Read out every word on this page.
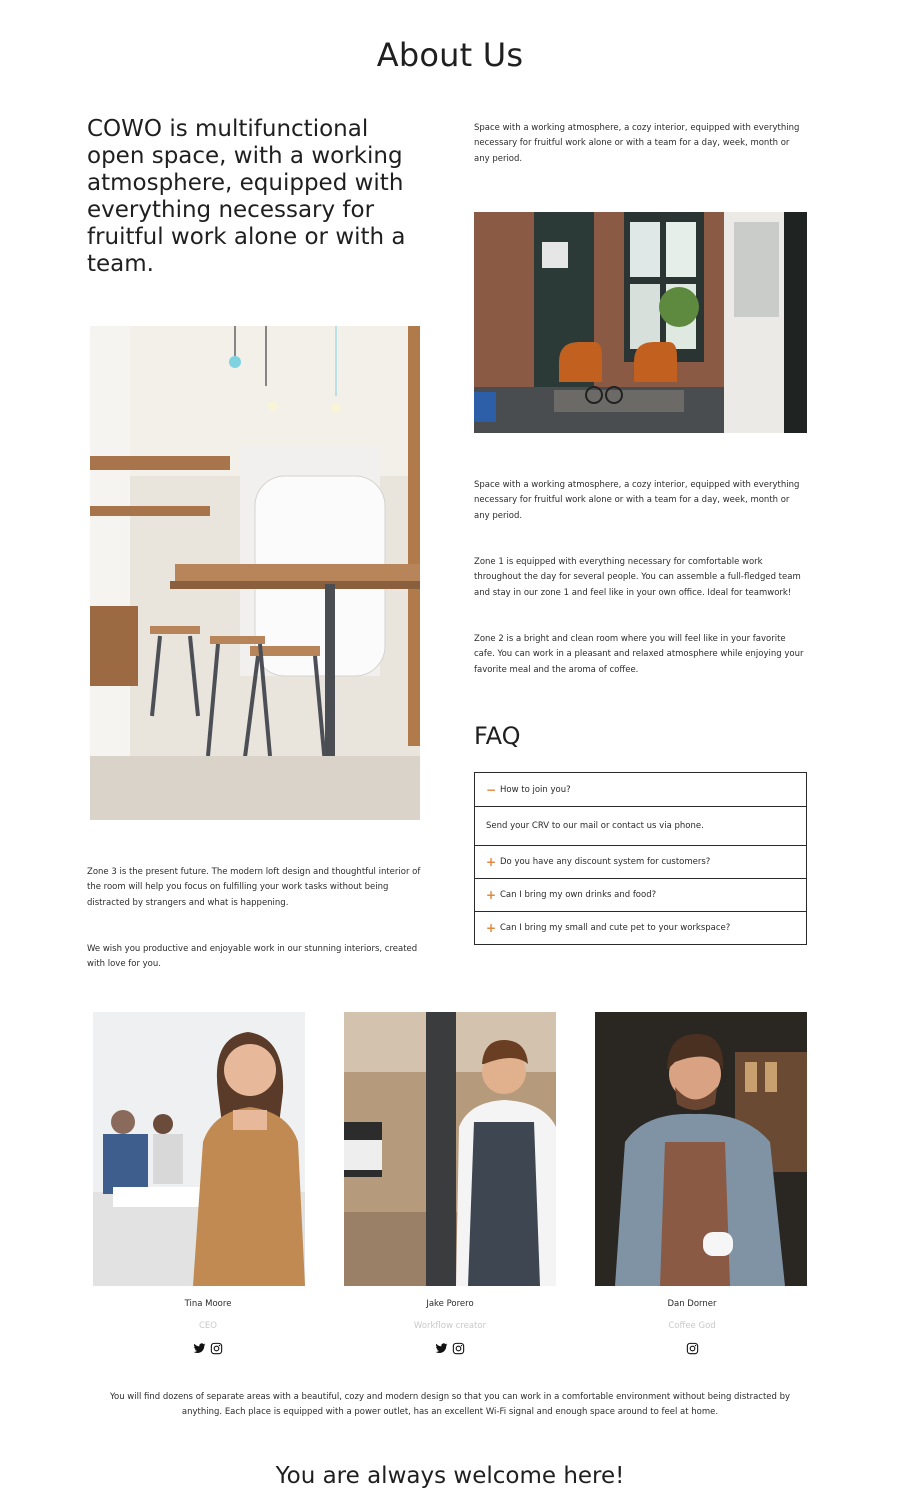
About Us

COWO is multifunctional open space, with a working atmosphere, equipped with everything necessary for fruitful work alone or with a team.

Space with a working atmosphere, a cozy interior, equipped with everything necessary for fruitful work alone or with a team for a day, week, month or any period.

Space with a working atmosphere, a cozy interior, equipped with everything necessary for fruitful work alone or with a team for a day, week, month or any period.

Zone 1 is equipped with everything necessary for comfortable work throughout the day for several people. You can assemble a full-fledged team and stay in our zone 1 and feel like in your own office. Ideal for teamwork!

Zone 2 is a bright and clean room where you will feel like in your favorite cafe. You can work in a pleasant and relaxed atmosphere while enjoying your favorite meal and the aroma of coffee.

FAQ
− How to join you?
Send your CRV to our mail or contact us via phone.
+ Do you have any discount system for customers?
+ Can I bring my own drinks and food?
+ Can I bring my small and cute pet to your workspace?

Zone 3 is the present future. The modern loft design and thoughtful interior of the room will help you focus on fulfilling your work tasks without being distracted by strangers and what is happening.

We wish you productive and enjoyable work in our stunning interiors, created with love for you.

Tina Moore

CEO

Jake Porero

Workflow creator

Dan Dorner

Coffee God

You will find dozens of separate areas with a beautiful, cozy and modern design so that you can work in a comfortable environment without being distracted by anything. Each place is equipped with a power outlet, has an excellent Wi-Fi signal and enough space around to feel at home.

You are always welcome here!
